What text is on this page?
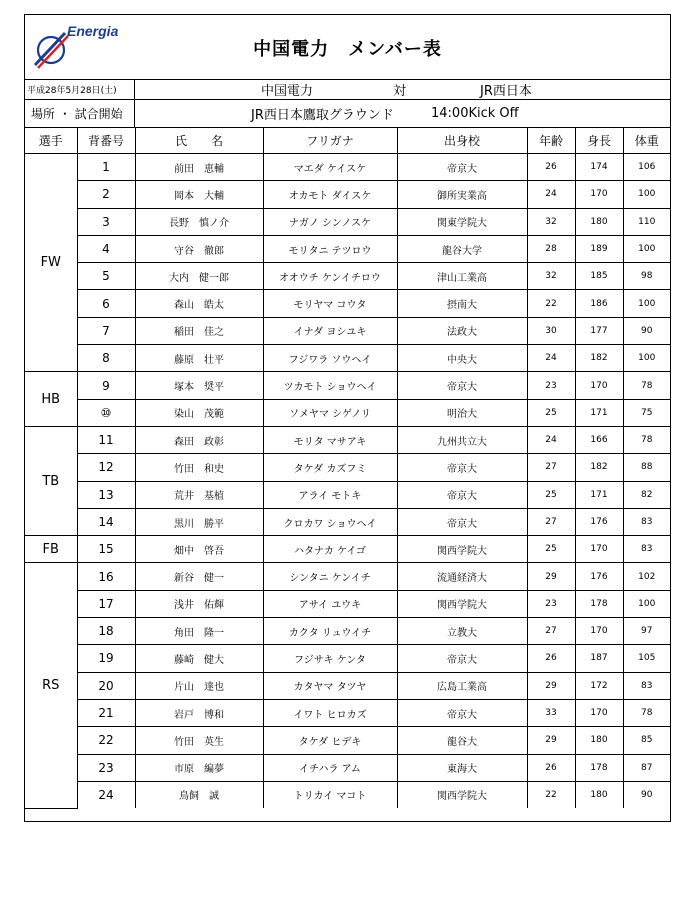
Energia
中国電力　メンバー表
平成28年5月28日(土)	中国電力	対	JR西日本
場所 ・ 試合開始	JR西日本鷹取グラウンド	14:00Kick Off
選手	背番号	氏　　名	フリガナ	出身校	年齢	身長	体重
FW	1	前田　恵輔	マエダ ケイスケ	帝京大	26	174	106
	2	岡本　大輔	オカモト ダイスケ	御所実業高	24	170	100
	3	長野　慎ノ介	ナガノ シンノスケ	関東学院大	32	180	110
	4	守谷　徹郎	モリタニ テツロウ	龍谷大学	28	189	100
	5	大内　健一郎	オオウチ ケンイチロウ	津山工業高	32	185	98
	6	森山　皓太	モリヤマ コウタ	摂南大	22	186	100
	7	稲田　佳之	イナダ ヨシユキ	法政大	30	177	90
	8	藤原　壮平	フジワラ ソウヘイ	中央大	24	182	100
HB	9	塚本　奨平	ツカモト ショウヘイ	帝京大	23	170	78
	⑩	染山　茂範	ソメヤマ シゲノリ	明治大	25	171	75
TB	11	森田　政彰	モリタ マサアキ	九州共立大	24	166	78
	12	竹田　和史	タケダ カズフミ	帝京大	27	182	88
	13	荒井　基植	アライ モトキ	帝京大	25	171	82
	14	黒川　勝平	クロカワ ショウヘイ	帝京大	27	176	83
FB	15	畑中　啓吾	ハタナカ ケイゴ	関西学院大	25	170	83
RS	16	新谷　健一	シンタニ ケンイチ	流通経済大	29	176	102
	17	浅井　佑輝	アサイ ユウキ	関西学院大	23	178	100
	18	角田　隆一	カクタ リュウイチ	立教大	27	170	97
	19	藤崎　健大	フジサキ ケンタ	帝京大	26	187	105
	20	片山　達也	カタヤマ タツヤ	広島工業高	29	172	83
	21	岩戸　博和	イワト ヒロカズ	帝京大	33	170	78
	22	竹田　英生	タケダ ヒデキ	龍谷大	29	180	85
	23	市原　編夢	イチハラ アム	東海大	26	178	87
	24	鳥飼　誠	トリカイ マコト	関西学院大	22	180	90
